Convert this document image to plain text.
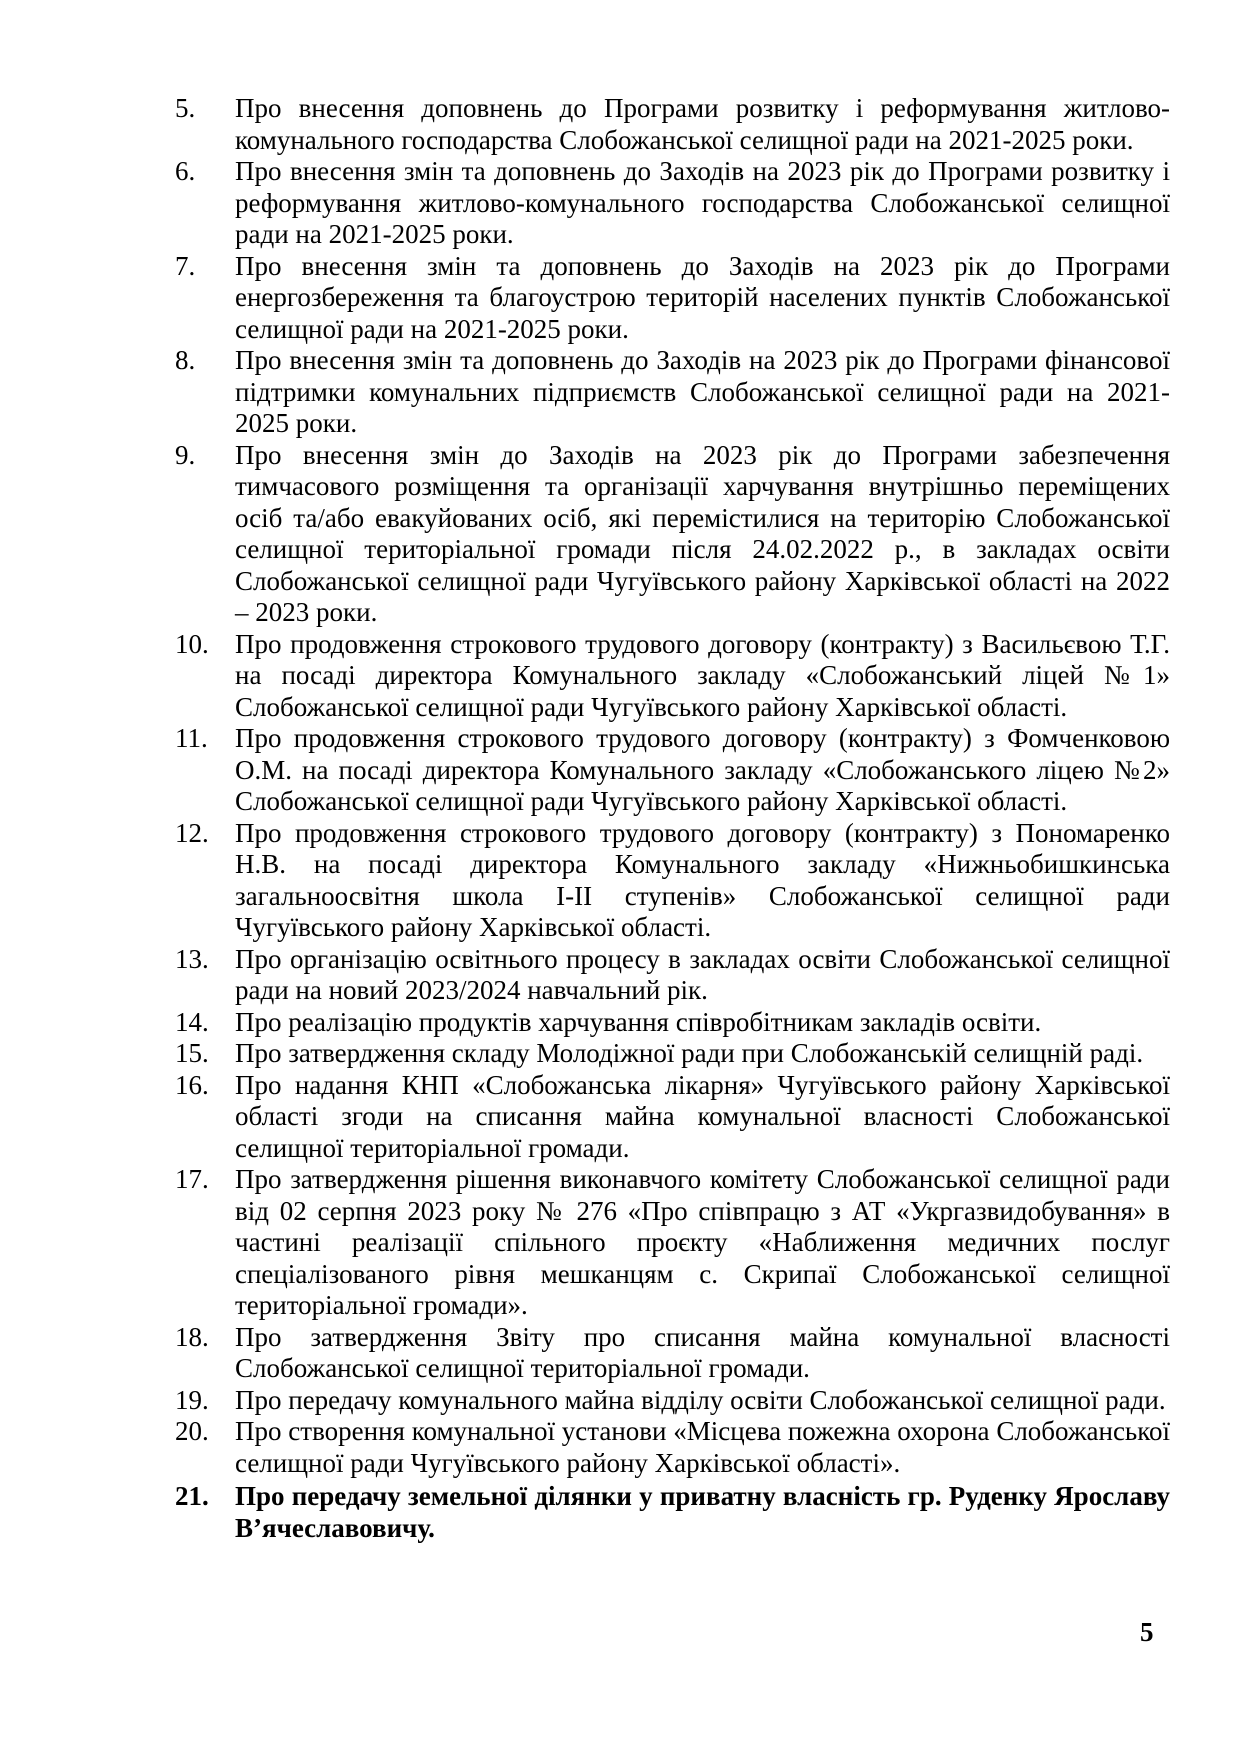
5.	Про внесення доповнень до Програми розвитку і реформування житлово-комунального господарства Слобожанської селищної ради на 2021-2025 роки.
6.	Про внесення змін та доповнень до Заходів на 2023 рік до Програми розвитку і реформування житлово-комунального господарства Слобожанської селищної ради на 2021-2025 роки.
7.	Про внесення змін та доповнень до Заходів на 2023 рік до Програми енергозбереження та благоустрою територій населених пунктів Слобожанської селищної ради на 2021-2025 роки.
8.	Про внесення змін та доповнень до Заходів на 2023 рік до Програми фінансової підтримки комунальних підприємств Слобожанської селищної ради на 2021-2025 роки.
9.	Про внесення змін до Заходів на 2023 рік до Програми забезпечення тимчасового розміщення та організації харчування внутрішньо переміщених осіб та/або евакуйованих осіб, які перемістилися на територію Слобожанської селищної територіальної громади після 24.02.2022 р., в закладах освіти Слобожанської селищної ради Чугуївського району Харківської області на 2022 – 2023 роки.
10. Про продовження строкового трудового договору (контракту) з Васильєвою Т.Г. на посаді директора Комунального закладу «Слобожанський ліцей №1» Слобожанської селищної ради Чугуївського району Харківської області.
11.	Про продовження строкового трудового договору (контракту) з Фомченковою О.М. на посаді директора Комунального закладу «Слобожанського ліцею №2» Слобожанської селищної ради Чугуївського району Харківської області.
12. Про продовження строкового трудового договору (контракту) з Пономаренко Н.В. на посаді директора Комунального закладу «Нижньобишкинська загальноосвітня школа І-ІІ ступенів» Слобожанської селищної ради Чугуївського району Харківської області.
13. Про організацію освітнього процесу в закладах освіти Слобожанської селищної ради на новий 2023/2024 навчальний рік.
14. Про реалізацію продуктів харчування співробітникам закладів освіти.
15. Про затвердження складу Молодіжної ради при Слобожанській селищній раді.
16. Про надання КНП «Слобожанська лікарня» Чугуївського району Харківської області згоди на списання майна комунальної власності Слобожанської селищної територіальної громади.
17. Про затвердження рішення виконавчого комітету Слобожанської селищної ради від 02 серпня 2023 року № 276 «Про співпрацю з АТ «Укргазвидобування» в частині реалізації спільного проєкту «Наближення медичних послуг спеціалізованого рівня мешканцям с. Скрипаї Слобожанської селищної територіальної громади».
18. Про затвердження Звіту про списання майна комунальної власності Слобожанської селищної територіальної громади.
19. Про передачу комунального майна відділу освіти Слобожанської селищної ради.
20. Про створення комунальної установи «Місцева пожежна охорона Слобожанської селищної ради Чугуївського району Харківської області».
21. Про передачу земельної ділянки у приватну власність гр. Руденку Ярославу В’ячеславовичу.
5
